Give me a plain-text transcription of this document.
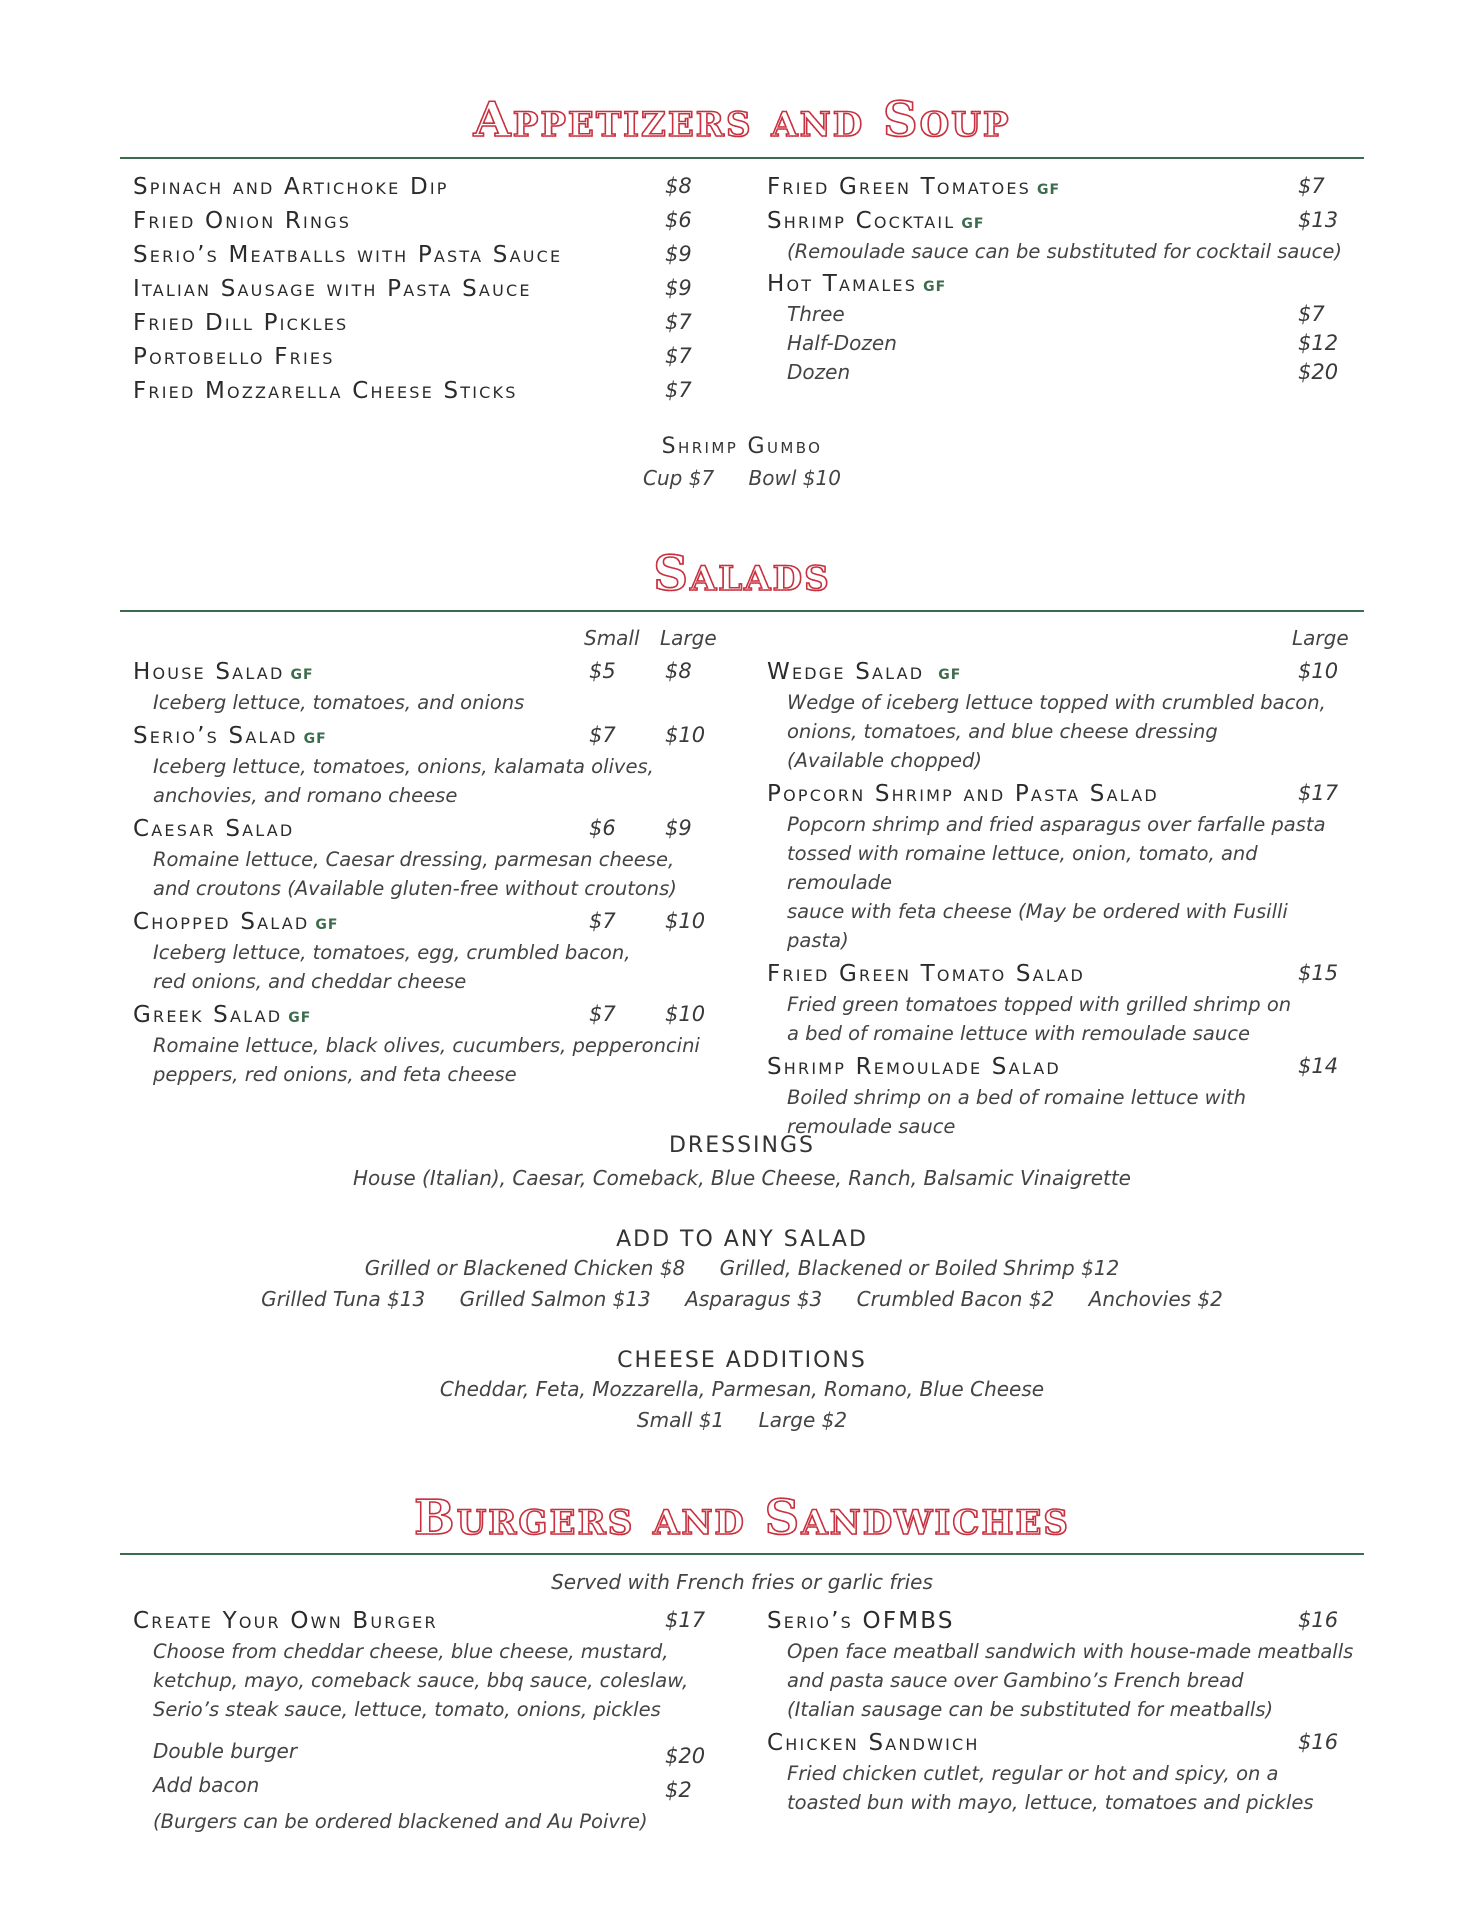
Appetizers and Soup
Spinach and Artichoke Dip	$8
Fried Onion Rings	$6
Serio’s Meatballs with Pasta Sauce	$9
Italian Sausage with Pasta Sauce	$9
Fried Dill Pickles	$7
Portobello Fries	$7
Fried Mozzarella Cheese Sticks	$7
Fried Green Tomatoes GF	$7
Shrimp Cocktail GF	$13
(Remoulade sauce can be substituted for cocktail sauce)
Hot Tamales GF
Three	$7
Half-Dozen	$12
Dozen	$20
Shrimp Gumbo
Cup $7 Bowl $10
Salads
Small Large	Large
House Salad GF	$5 $8
Iceberg lettuce, tomatoes, and onions
Serio’s Salad GF	$7 $10
Iceberg lettuce, tomatoes, onions, kalamata olives,
anchovies, and romano cheese
Caesar Salad	$6 $9
Romaine lettuce, Caesar dressing, parmesan cheese,
and croutons (Available gluten-free without croutons)
Chopped Salad GF	$7 $10
Iceberg lettuce, tomatoes, egg, crumbled bacon,
red onions, and cheddar cheese
Greek Salad GF	$7 $10
Romaine lettuce, black olives, cucumbers, pepperoncini
peppers, red onions, and feta cheese
Wedge Salad GF	$10
Wedge of iceberg lettuce topped with crumbled bacon,
onions, tomatoes, and blue cheese dressing
(Available chopped)
Popcorn Shrimp and Pasta Salad	$17
Popcorn shrimp and fried asparagus over farfalle pasta
tossed with romaine lettuce, onion, tomato, and remoulade
sauce with feta cheese (May be ordered with Fusilli
pasta)
Fried Green Tomato Salad	$15
Fried green tomatoes topped with grilled shrimp on
a bed of romaine lettuce with remoulade sauce
Shrimp Remoulade Salad	$14
Boiled shrimp on a bed of romaine lettuce with
remoulade sauce
DRESSINGS
House (Italian), Caesar, Comeback, Blue Cheese, Ranch, Balsamic Vinaigrette
ADD TO ANY SALAD
Grilled or Blackened Chicken $8 Grilled, Blackened or Boiled Shrimp $12
Grilled Tuna $13 Grilled Salmon $13 Asparagus $3 Crumbled Bacon $2 Anchovies $2
CHEESE ADDITIONS
Cheddar, Feta, Mozzarella, Parmesan, Romano, Blue Cheese
Small $1 Large $2
Burgers and Sandwiches
Served with French fries or garlic fries
Create Your Own Burger	$17
Choose from cheddar cheese, blue cheese, mustard,
ketchup, mayo, comeback sauce, bbq sauce, coleslaw,
Serio’s steak sauce, lettuce, tomato, onions, pickles
Double burger	$20
Add bacon	$2
(Burgers can be ordered blackened and Au Poivre)
Serio’s OFMBS	$16
Open face meatball sandwich with house-made meatballs
and pasta sauce over Gambino’s French bread
(Italian sausage can be substituted for meatballs)
Chicken Sandwich	$16
Fried chicken cutlet, regular or hot and spicy, on a
toasted bun with mayo, lettuce, tomatoes and pickles
